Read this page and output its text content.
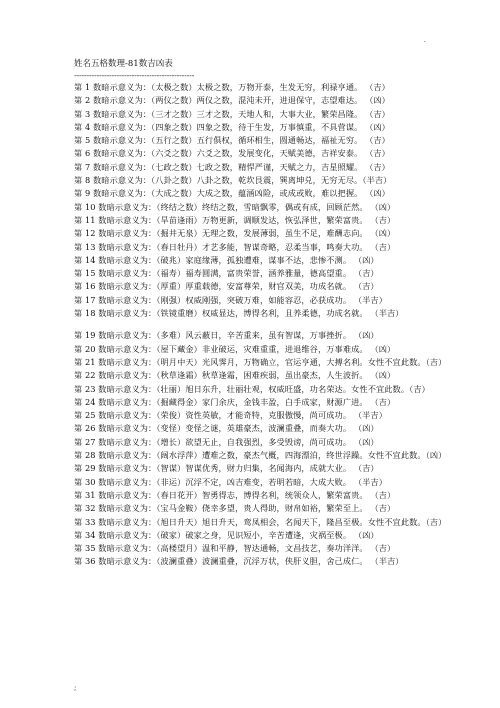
.
姓名五格数理-81数吉凶表
------------------------------------------------
第 1 数暗示意义为：（太极之数）太极之数，万物开泰，生发无穷，利禄亨通。 （吉）
第 2 数暗示意义为：（两仪之数）两仪之数，混沌未开，进退保守，志望难达。 （凶）
第 3 数暗示意义为：（三才之数）三才之数，天地人和，大事大业，繁荣昌隆。 （吉）
第 4 数暗示意义为：（四象之数）四象之数，待于生发，万事慎重，不具营谋。 （凶）
第 5 数暗示意义为：（五行之数）五行俱权，循环相生，圆通畅达，福祉无穷。 （吉）
第 6 数暗示意义为：（六爻之数）六爻之数，发展变化，天赋美德，吉祥安泰。 （吉）
第 7 数暗示意义为：（七政之数）七政之数，精悍严谨，天赋之力，吉星照耀。 （吉）
第 8 数暗示意义为：（八卦之数）八卦之数，乾坎艮震，巽离坤兑，无穷无尽。（半吉）
第 9 数暗示意义为：（大成之数）大成之数，蕴涵凶险，或成或败，难以把握。 （凶）
第 10 数暗示意义为：（终结之数）终结之数，雪暗飘零，偶或有成，回顾茫然。 （凶）
第 11 数暗示意义为：（旱苗逢雨）万物更新，调顺发达，恢弘泽世，繁荣富贵。 （吉）
第 12 数暗示意义为：（掘井无泉）无理之数，发展薄弱，虽生不足，难酬志向。 （凶）
第 13 数暗示意义为：（春日牡丹）才艺多能，智谋奇略，忍柔当事，鸣奏大功。 （吉）
第 14 数暗示意义为：（破兆）家庭缘薄，孤独遭难，谋事不达，悲惨不测。 （凶）
第 15 数暗示意义为：（福寿）福寿圆满，富贵荣誉，涵养雅量，德高望重。 （吉）
第 16 数暗示意义为：（厚重）厚重载德，安富尊荣，财官双美，功成名就。 （吉）
第 17 数暗示意义为：（刚强）权威刚强，突破万难，如能容忍，必获成功。 （半吉）
第 18 数暗示意义为：（铁镜重磨）权威显达，博得名利，且养柔德，功成名就。 （半吉）
第 19 数暗示意义为：（多难）风云蔽日，辛苦重来，虽有智谋，万事挫折。 （凶）
第 20 数暗示意义为：（屋下藏金）非业破运，灾难重重，进退维谷，万事难成。 （凶）
第 21 数暗示意义为：（明月中天）光风霁月，万物确立，官运亨通，大搏名利。女性不宜此数。（吉）
第 22 数暗示意义为：（秋草逢霜）秋草逢霜，困难疾弱，虽出豪杰，人生波折。 （凶）
第 23 数暗示意义为：（壮丽）旭日东升，壮丽壮观，权威旺盛，功名荣达。女性不宜此数。（吉）
第 24 数暗示意义为：（掘藏得金）家门余庆，金钱丰盈，白手成家，财源广进。 （吉）
第 25 数暗示意义为：（荣俊）资性英敏，才能奇特，克服傲慢，尚可成功。 （半吉）
第 26 数暗示意义为：（变怪）变怪之谜，英雄豪杰，波澜重叠，而奏大功。 （凶）
第 27 数暗示意义为：（增长）欲望无止，自我强烈，多受毁谤，尚可成功。 （凶）
第 28 数暗示意义为：（阔水浮萍）遭难之数，豪杰气概，四海漂泊，终世浮躁。女性不宜此数。（凶）
第 29 数暗示意义为：（智谋）智谋优秀，财力归集，名闻海内，成就大业。 （吉）
第 30 数暗示意义为：（非运）沉浮不定，凶吉难变，若明若暗，大成大败。 （半吉）
第 31 数暗示意义为：（春日花开）智勇得志，博得名利，统领众人，繁荣富贵。 （吉）
第 32 数暗示意义为：（宝马金鞍）侥幸多望，贵人得助，财帛如裕，繁荣至上。 （吉）
第 33 数暗示意义为：（旭日升天）旭日升天，鸾凤相会，名闻天下，隆昌至极。女性不宜此数。（吉）
第 34 数暗示意义为：（破家）破家之身，见识短小，辛苦遭逢，灾祸至极。 （凶）
第 35 数暗示意义为：（高楼望月）温和平静，智达通畅，文昌技艺，奏功洋洋。 （吉）
第 36 数暗示意义为：（波澜重叠）波澜重叠，沉浮万状，侠肝义胆，舍己成仁。 （半吉）
;
